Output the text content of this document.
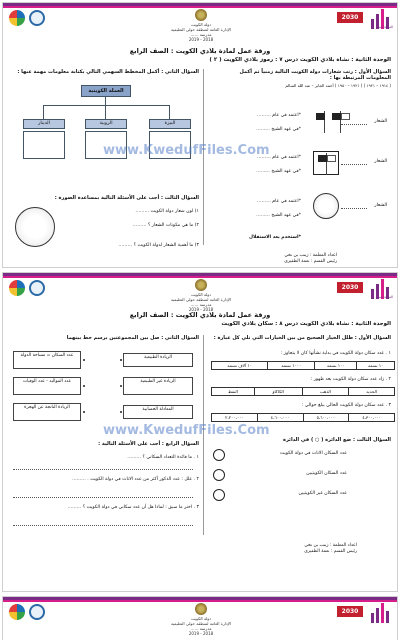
دولة الكويت
الإدارة العامة لمنطقة حولي التعليمية
مدرسة ……
2018 - 2019
2030
التربية عبد
ورقة عمل لمادة بلادي الكويت : الصف الرابع
الوحدة الثانية : نشاة بلادي الكويت درس ٧ : رموز بلادي الكويت ( ٢ )
السؤال الأول : رتب شعارات دولة الكويت التالية زمنياً ثم أكمل المعلومات المرتبطة بها :
( ١٩١٤ – ١٩٢١ ) ( ١٩٢١ – ١٩٥٠ ) أحمد الجابر – عبد الله السالم
الشعار
*اعتمد في عام ………
*في عهد الشيخ ………
الشعار
*اعتمد في عام ………
*في عهد الشيخ ………
الشعار
*اعتمد في عام ………
*في عهد الشيخ ………
*استخدم بعد الاستقلال
السؤال الثاني : أكمل المخطط السهمي التالي بكتابة معلومات مهمة عنها :
العملة الكويتية
الدينار	الروبية	البيزة
السؤال الثالث : أجب على الأسئلة التالية بمساعدة الصورة :
١) لون شعار دولة الكويت ………
٢) ما هي مكونات الشعار ؟ ………
٣) ما أهمية الشعار لدولة الكويت ؟ ………
اعداد المعلمة : زينب بن نخي
رئيس القسم : نعمة الظفيري
www.KwedufFiles.Com
دولة الكويت
الإدارة العامة لمنطقة حولي التعليمية
مدرسة ……
2018 - 2019
2030
التربية عبد
ورقة عمل لمادة بلادي الكويت : الصف الرابع
الوحدة الثانية : نشاة بلادي الكويت درس ٨ : سكان بلادي الكويت
السؤال الأول : ظلل الخيار الصحيح من بين الخيارات التي تلي كل عبارة :
١ . عدد سكان دولة الكويت في بداية نشأتها كان لا يتجاوز :
١٠ نسمة	١٠٠ نسمة	١٠٠٠ نسمة	١٠ آلاف نسمة
٢ . زاد عدد سكان دولة الكويت بعد ظهور :
الحديد	الذهب	الكاكاو	النفط
٣ . عدد سكان دولة الكويت الحالي يبلغ حوالي :
٤،٣٠٠،٠٠٠	٥،٦٠٠،٠٠٠	٤،٦٠٠،٠٠٠	٢،٢٠٠،٠٠٠
السؤال الثالث : ضع الدائرة ( ○ ) في الدائرة
عدد السكان الاناث في دولة الكويت
عدد السكان الكويتيين
عدد السكان غير الكويتيين
السؤال الثاني : صل بين المجموعتين برسم خط بينهما
الزيادة الطبيعية
الزيادة غير الطبيعية
المعادلة الحسابية
عدد السكان = مساحة الدولة
عدد المواليد - عدد الوفيات
الزيادة الناتجة عن الهجرة
السؤال الرابع : أجب على الأسئلة التالية :
١ . ما فائدة التعداد السكاني ؟ ………
٢ . علل : عدد الذكور أكثر من عدد الاناث في دولة الكويت . ………
٣ . اختر ما سبق : لماذا هل أن عدد سكاني في دولة الكويت ؟ ………
اعداد المعلمة : زينب بن نخي
رئيس القسم : نعمة الظفيري
www.KwedufFiles.Com
دولة الكويت
الإدارة العامة لمنطقة حولي التعليمية
مدرسة ……
2018 - 2019
2030
